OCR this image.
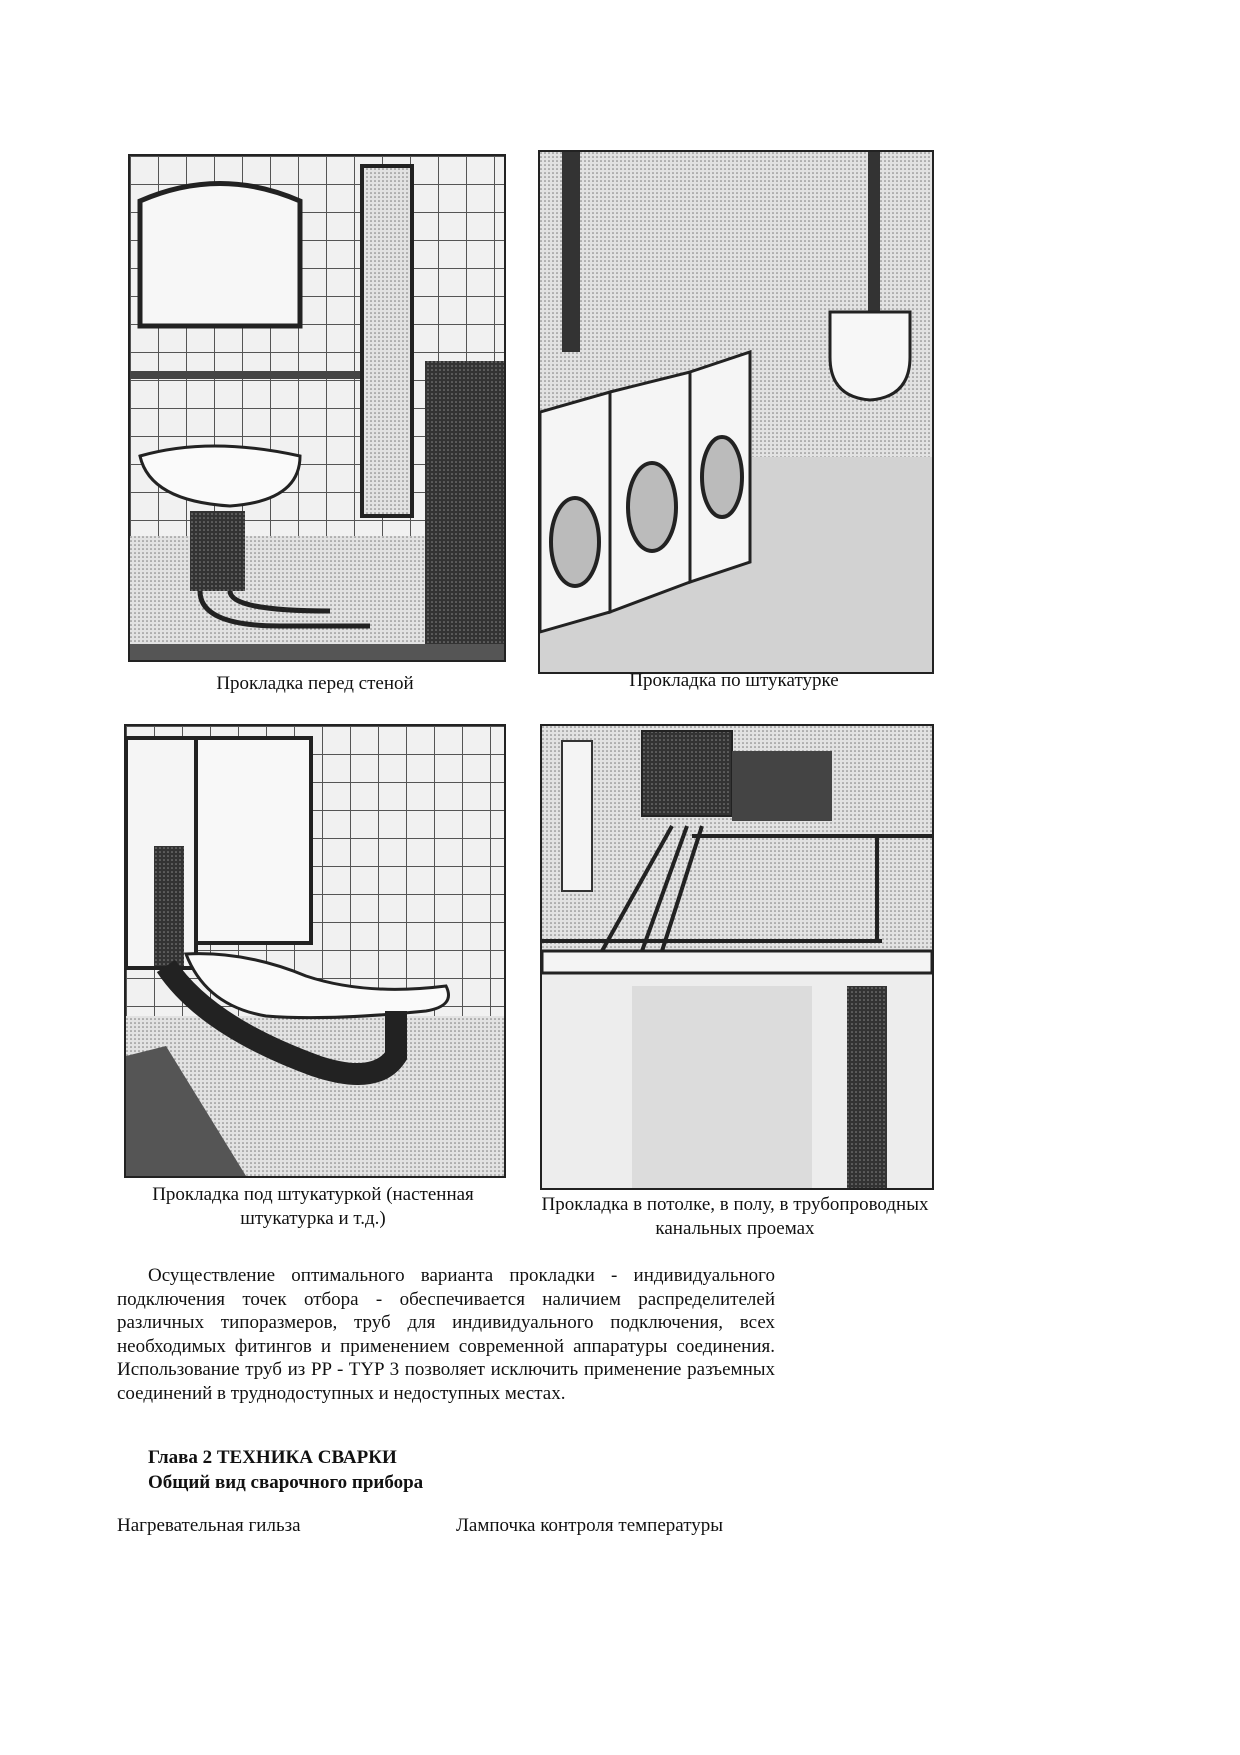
Прокладка перед стеной	Прокладка по штукатурке
Прокладка под штукатуркой (настенная штукатурка и т.д.)
Прокладка в потолке, в полу, в трубопроводных канальных проемах

Осуществление оптимального варианта прокладки - индивидуального подключения точек отбора - обеспечивается наличием распределителей различных типоразмеров, труб для индивидуального подключения, всех необходимых фитингов и применением современной аппаратуры соединения. Использование труб из PP - TYP 3 позволяет исключить применение разъемных соединений в труднодоступных и недоступных местах.

Глава 2 ТЕХНИКА СВАРКИ
Общий вид сварочного прибора
Нагревательная гильза	Лампочка контроля температуры
